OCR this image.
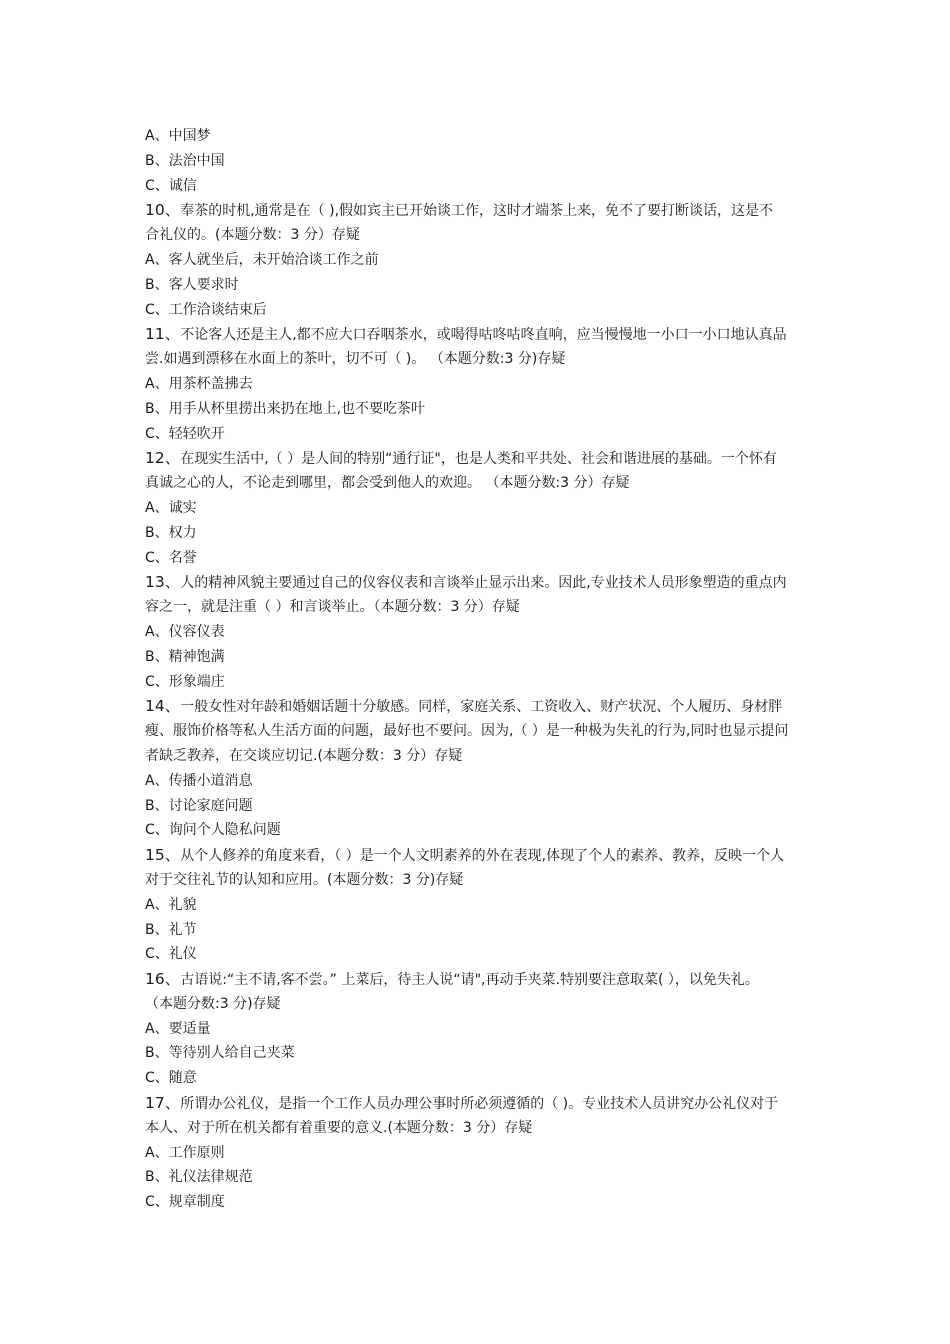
A、中国梦
B、法治中国
C、诚信
10、奉茶的时机,通常是在（ ),假如宾主已开始谈工作，这时才端茶上来，免不了要打断谈话，这是不
合礼仪的。(本题分数：3 分）存疑
A、客人就坐后，未开始洽谈工作之前
B、客人要求时
C、工作洽谈结束后
11、不论客人还是主人,都不应大口吞咽茶水，或喝得咕咚咕咚直响，应当慢慢地一小口一小口地认真品
尝.如遇到漂移在水面上的茶叶，切不可（ )。 （本题分数:3 分)存疑
A、用茶杯盖拂去
B、用手从杯里捞出来扔在地上,也不要吃茶叶
C、轻轻吹开
12、在现实生活中,（ ）是人间的特别“通行证"，也是人类和平共处、社会和谐进展的基础。一个怀有
真诚之心的人，不论走到哪里，都会受到他人的欢迎。 （本题分数:3 分）存疑
A、诚实
B、权力
C、名誉
13、人的精神风貌主要通过自己的仪容仪表和言谈举止显示出来。因此,专业技术人员形象塑造的重点内
容之一，就是注重（ ）和言谈举止。（本题分数：3 分）存疑
A、仪容仪表
B、精神饱满
C、形象端庄
14、一般女性对年龄和婚姻话题十分敏感。同样，家庭关系、工资收入、财产状况、个人履历、身材胖
瘦、服饰价格等私人生活方面的问题，最好也不要问。因为,（ ）是一种极为失礼的行为,同时也显示提问
者缺乏教养，在交谈应切记.(本题分数：3 分）存疑
A、传播小道消息
B、讨论家庭问题
C、询问个人隐私问题
15、从个人修养的角度来看，（ ）是一个人文明素养的外在表现,体现了个人的素养、教养，反映一个人
对于交往礼节的认知和应用。(本题分数：3 分)存疑
A、礼貌
B、礼节
C、礼仪
16、古语说:“主不请,客不尝。” 上菜后，待主人说“请",再动手夹菜.特别要注意取菜( ），以免失礼。
（本题分数:3 分)存疑
A、要适量
B、等待别人给自己夹菜
C、随意
17、所谓办公礼仪，是指一个工作人员办理公事时所必须遵循的（ )。专业技术人员讲究办公礼仪对于
本人、对于所在机关都有着重要的意义.(本题分数：3 分）存疑
A、工作原则
B、礼仪法律规范
C、规章制度
